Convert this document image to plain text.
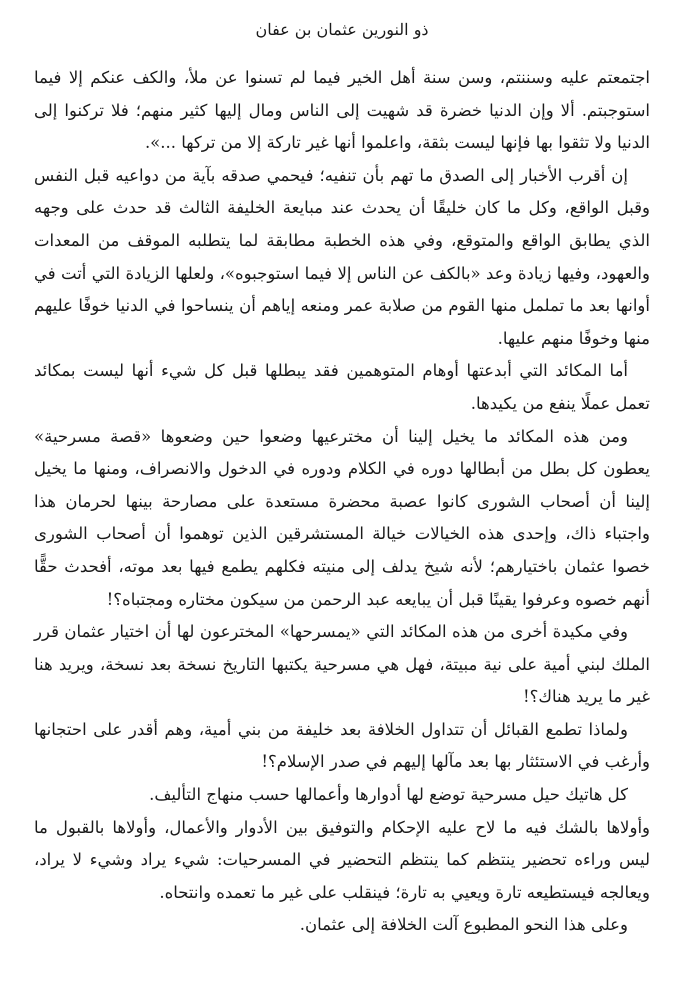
ذو النورين عثمان بن عفان

اجتمعتم عليه وسننتم، وسن سنة أهل الخير فيما لم تسنوا عن ملأ، والكف عنكم إلا فيما استوجبتم. ألا وإن الدنيا خضرة قد شهيت إلى الناس ومال إليها كثير منهم؛ فلا تركنوا إلى الدنيا ولا تثقوا بها فإنها ليست بثقة، واعلموا أنها غير تاركة إلا من تركها ...».

إن أقرب الأخبار إلى الصدق ما تهم بأن تنفيه؛ فيحمي صدقه بآية من دواعيه قبل النفس وقبل الواقع، وكل ما كان خليقًا أن يحدث عند مبايعة الخليفة الثالث قد حدث على وجهه الذي يطابق الواقع والمتوقع، وفي هذه الخطبة مطابقة لما يتطلبه الموقف من المعدات والعهود، وفيها زيادة وعد «بالكف عن الناس إلا فيما استوجبوه»، ولعلها الزيادة التي أتت في أوانها بعد ما تململ منها القوم من صلابة عمر ومنعه إياهم أن ينساحوا في الدنيا خوفًا عليهم منها وخوفًا منهم عليها.

أما المكائد التي أبدعتها أوهام المتوهمين فقد يبطلها قبل كل شيء أنها ليست بمكائد تعمل عملًا ينفع من يكيدها.

ومن هذه المكائد ما يخيل إلينا أن مخترعيها وضعوا حين وضعوها «قصة مسرحية» يعطون كل بطل من أبطالها دوره في الكلام ودوره في الدخول والانصراف، ومنها ما يخيل إلينا أن أصحاب الشورى كانوا عصبة محضرة مستعدة على مصارحة بينها لحرمان هذا واجتباء ذاك، وإحدى هذه الخيالات خيالة المستشرقين الذين توهموا أن أصحاب الشورى خصوا عثمان باختيارهم؛ لأنه شيخ يدلف إلى منيته فكلهم يطمع فيها بعد موته، أفحدث حقًّا أنهم خصوه وعرفوا يقينًا قبل أن يبايعه عبد الرحمن من سيكون مختاره ومجتباه؟!

وفي مكيدة أخرى من هذه المكائد التي «يمسرحها» المخترعون لها أن اختيار عثمان قرر الملك لبني أمية على نية مبيتة، فهل هي مسرحية يكتبها التاريخ نسخة بعد نسخة، ويريد هنا غير ما يريد هناك؟!

ولماذا تطمع القبائل أن تتداول الخلافة بعد خليفة من بني أمية، وهم أقدر على احتجانها وأرغب في الاستئثار بها بعد مآلها إليهم في صدر الإسلام؟!

كل هاتيك حيل مسرحية توضع لها أدوارها وأعمالها حسب منهاج التأليف.

وأولاها بالشك فيه ما لاح عليه الإحكام والتوفيق بين الأدوار والأعمال، وأولاها بالقبول ما ليس وراءه تحضير ينتظم كما ينتظم التحضير في المسرحيات: شيء يراد وشيء لا يراد، ويعالجه فيستطيعه تارة ويعيي به تارة؛ فينقلب على غير ما تعمده وانتحاه.

وعلى هذا النحو المطبوع آلت الخلافة إلى عثمان.
